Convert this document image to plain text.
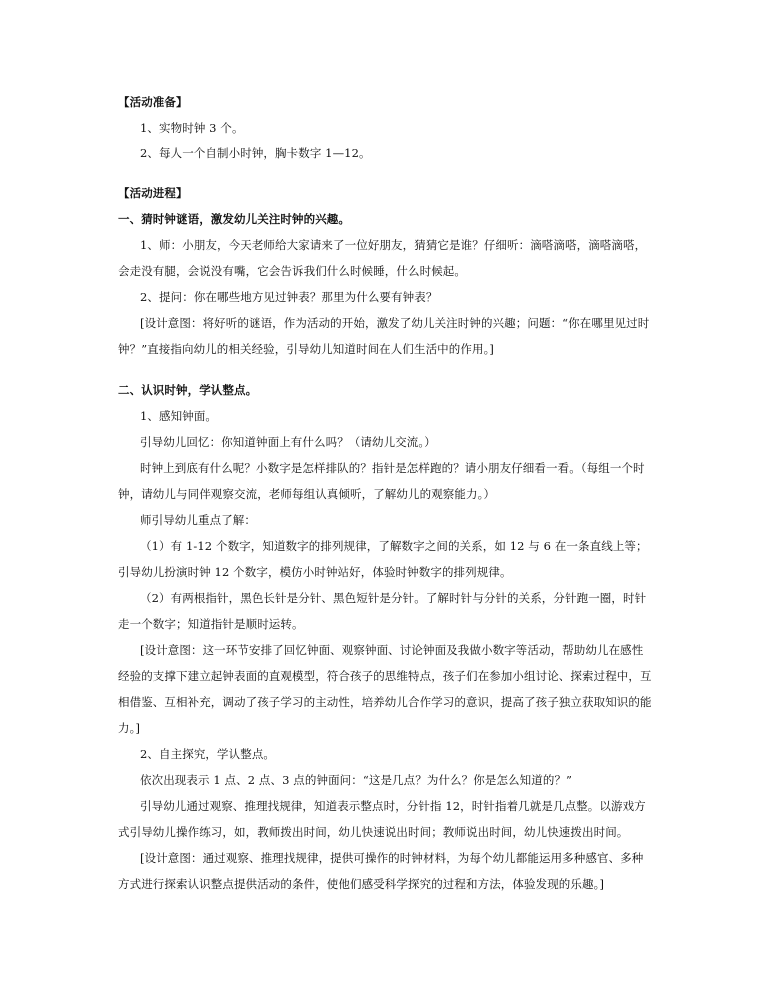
【活动准备】
1、实物时钟 3 个。
2、每人一个自制小时钟，胸卡数字 1—12。
【活动进程】
一、猜时钟谜语，激发幼儿关注时钟的兴趣。
1、师：小朋友，今天老师给大家请来了一位好朋友，猜猜它是谁？仔细听：滴嗒滴嗒，滴嗒滴嗒，
会走没有腿，会说没有嘴，它会告诉我们什么时候睡，什么时候起。
2、提问：你在哪些地方见过钟表？那里为什么要有钟表？
[设计意图：将好听的谜语，作为活动的开始，激发了幼儿关注时钟的兴趣；问题：“你在哪里见过时
钟？”直接指向幼儿的相关经验，引导幼儿知道时间在人们生活中的作用。]
二、认识时钟，学认整点。
1、感知钟面。
引导幼儿回忆：你知道钟面上有什么吗？（请幼儿交流。）
时钟上到底有什么呢？小数字是怎样排队的？指针是怎样跑的？请小朋友仔细看一看。（每组一个时
钟，请幼儿与同伴观察交流，老师每组认真倾听，了解幼儿的观察能力。）
师引导幼儿重点了解：
（1）有 1-12 个数字，知道数字的排列规律，了解数字之间的关系，如 12 与 6 在一条直线上等；
引导幼儿扮演时钟 12 个数字，模仿小时钟站好，体验时钟数字的排列规律。
（2）有两根指针，黑色长针是分针、黑色短针是分针。了解时针与分针的关系，分针跑一圈，时针
走一个数字；知道指针是顺时运转。
[设计意图：这一环节安排了回忆钟面、观察钟面、讨论钟面及我做小数字等活动，帮助幼儿在感性
经验的支撑下建立起钟表面的直观模型，符合孩子的思维特点，孩子们在参加小组讨论、探索过程中，互
相借鉴、互相补充，调动了孩子学习的主动性，培养幼儿合作学习的意识，提高了孩子独立获取知识的能
力。]
2、自主探究，学认整点。
依次出现表示 1 点、2 点、3 点的钟面问：“这是几点？为什么？你是怎么知道的？”
引导幼儿通过观察、推理找规律，知道表示整点时，分针指 12，时针指着几就是几点整。以游戏方
式引导幼儿操作练习，如，教师拨出时间，幼儿快速说出时间；教师说出时间，幼儿快速拨出时间。
[设计意图：通过观察、推理找规律，提供可操作的时钟材料，为每个幼儿都能运用多种感官、多种
方式进行探索认识整点提供活动的条件，使他们感受科学探究的过程和方法，体验发现的乐趣。]
